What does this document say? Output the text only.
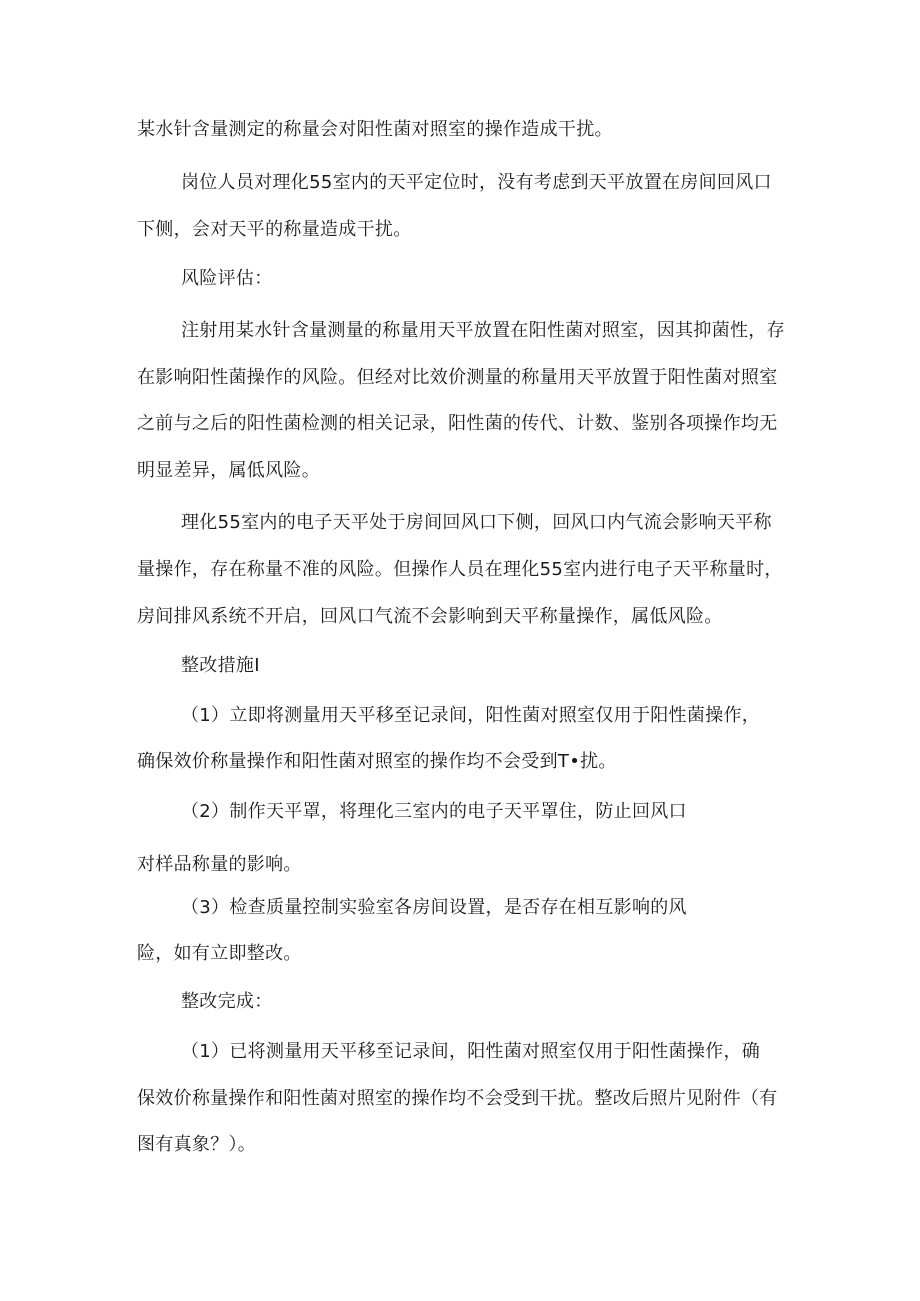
某水针含量测定的称量会对阳性菌对照室的操作造成干扰。
岗位人员对理化55室内的天平定位时，没有考虑到天平放置在房间回风口
下侧，会对天平的称量造成干扰。
风险评估：
注射用某水针含量测量的称量用天平放置在阳性菌对照室，因其抑菌性，存
在影响阳性菌操作的风险。但经对比效价测量的称量用天平放置于阳性菌对照室
之前与之后的阳性菌检测的相关记录，阳性菌的传代、计数、鉴别各项操作均无
明显差异，属低风险。
理化55室内的电子天平处于房间回风口下侧，回风口内气流会影响天平称
量操作，存在称量不准的风险。但操作人员在理化55室内进行电子天平称量时，
房间排风系统不开启，回风口气流不会影响到天平称量操作，属低风险。
整改措施I
（1）立即将测量用天平移至记录间，阳性菌对照室仅用于阳性菌操作，
确保效价称量操作和阳性菌对照室的操作均不会受到T•扰。
（2）制作天平罩，将理化三室内的电子天平罩住，防止回风口
对样品称量的影响。
（3）检查质量控制实验室各房间设置，是否存在相互影响的风
险，如有立即整改。
整改完成：
（1）已将测量用天平移至记录间，阳性菌对照室仅用于阳性菌操作，确
保效价称量操作和阳性菌对照室的操作均不会受到干扰。整改后照片见附件（有
图有真象？）。
